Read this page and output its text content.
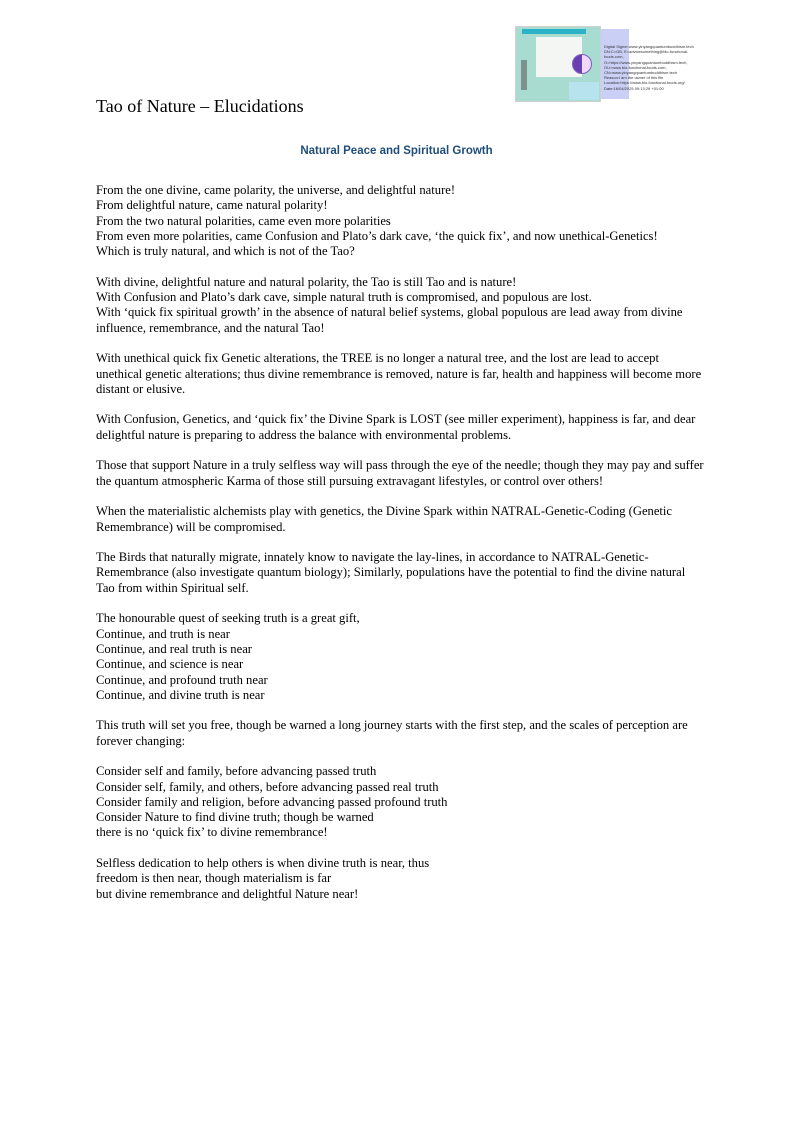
Digital Signer:www.yinyangquantumbuddhism.tech
DN:C=GB, E=advicesomething@bio-functional-foods.com, O=https://www.yinyangquantumbuddhism.tech, OU=www.bio-functional-foods.com, CN=www.yinyangquantumbuddhism.tech
Reason:I am the owner of this file
Location:https://www.bio-functional-foods.org/
Date:16/04/2025 09:13:29 +01:00
Tao of Nature – Elucidations
Natural Peace and Spiritual Growth

From the one divine, came polarity, the universe, and delightful nature!
From delightful nature, came natural polarity!
From the two natural polarities, came even more polarities
From even more polarities, came Confusion and Plato’s dark cave, ‘the quick fix’, and now unethical-Genetics!
Which is truly natural, and which is not of the Tao?

With divine, delightful nature and natural polarity, the Tao is still Tao and is nature!
With Confusion and Plato’s dark cave, simple natural truth is compromised, and populous are lost.
With ‘quick fix spiritual growth’ in the absence of natural belief systems, global populous are lead away from divine influence, remembrance, and the natural Tao!

With unethical quick fix Genetic alterations, the TREE is no longer a natural tree, and the lost are lead to accept unethical genetic alterations; thus divine remembrance is removed, nature is far, health and happiness will become more distant or elusive.

With Confusion, Genetics, and ‘quick fix’ the Divine Spark is LOST (see miller experiment), happiness is far, and dear delightful nature is preparing to address the balance with environmental problems.

Those that support Nature in a truly selfless way will pass through the eye of the needle; though they may pay and suffer the quantum atmospheric Karma of those still pursuing extravagant lifestyles, or control over others!

When the materialistic alchemists play with genetics, the Divine Spark within NATRAL-Genetic-Coding (Genetic Remembrance) will be compromised.

The Birds that naturally migrate, innately know to navigate the lay-lines, in accordance to NATRAL-Genetic-Remembrance (also investigate quantum biology); Similarly, populations have the potential to find the divine natural Tao from within Spiritual self.

The honourable quest of seeking truth is a great gift,
Continue, and truth is near
Continue, and real truth is near
Continue, and science is near
Continue, and profound truth near
Continue, and divine truth is near

This truth will set you free, though be warned a long journey starts with the first step, and the scales of perception are forever changing:

Consider self and family, before advancing passed truth
Consider self, family, and others, before advancing passed real truth
Consider family and religion, before advancing passed profound truth
Consider Nature to find divine truth; though be warned
there is no ‘quick fix’ to divine remembrance!

Selfless dedication to help others is when divine truth is near, thus
freedom is then near, though materialism is far
but divine remembrance and delightful Nature near!
